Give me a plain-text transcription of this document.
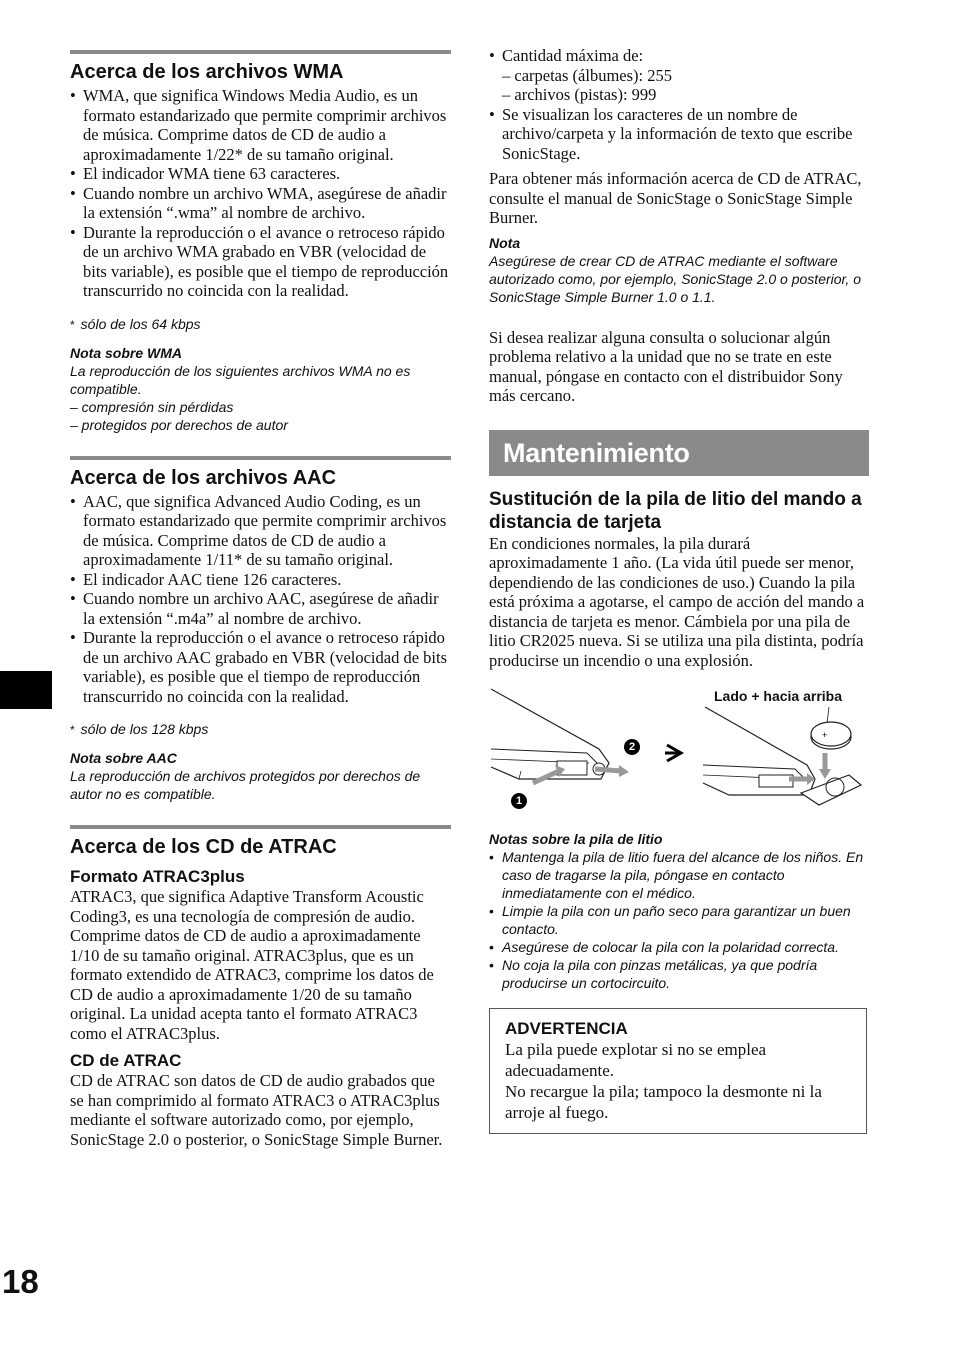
18
Acerca de los archivos WMA
• WMA, que significa Windows Media Audio, es un formato estandarizado que permite comprimir archivos de música. Comprime datos de CD de audio a aproximadamente 1/22* de su tamaño original.
• El indicador WMA tiene 63 caracteres.
• Cuando nombre un archivo WMA, asegúrese de añadir la extensión “.wma” al nombre de archivo.
• Durante la reproducción o el avance o retroceso rápido de un archivo WMA grabado en VBR (velocidad de bits variable), es posible que el tiempo de reproducción transcurrido no coincida con la realidad.
* sólo de los 64 kbps
Nota sobre WMA
La reproducción de los siguientes archivos WMA no es compatible.
– compresión sin pérdidas
– protegidos por derechos de autor
Acerca de los archivos AAC
• AAC, que significa Advanced Audio Coding, es un formato estandarizado que permite comprimir archivos de música. Comprime datos de CD de audio a aproximadamente 1/11* de su tamaño original.
• El indicador AAC tiene 126 caracteres.
• Cuando nombre un archivo AAC, asegúrese de añadir la extensión “.m4a” al nombre de archivo.
• Durante la reproducción o el avance o retroceso rápido de un archivo AAC grabado en VBR (velocidad de bits variable), es posible que el tiempo de reproducción transcurrido no coincida con la realidad.
* sólo de los 128 kbps
Nota sobre AAC
La reproducción de archivos protegidos por derechos de autor no es compatible.
Acerca de los CD de ATRAC
Formato ATRAC3plus

ATRAC3, que significa Adaptive Transform Acoustic Coding3, es una tecnología de compresión de audio. Comprime datos de CD de audio a aproximadamente 1/10 de su tamaño original. ATRAC3plus, que es un formato extendido de ATRAC3, comprime los datos de CD de audio a aproximadamente 1/20 de su tamaño original. La unidad acepta tanto el formato ATRAC3 como el ATRAC3plus.

CD de ATRAC

CD de ATRAC son datos de CD de audio grabados que se han comprimido al formato ATRAC3 o ATRAC3plus mediante el software autorizado como, por ejemplo, SonicStage 2.0 o posterior, o SonicStage Simple Burner.

• Cantidad máxima de:
– carpetas (álbumes): 255
– archivos (pistas): 999
• Se visualizan los caracteres de un nombre de archivo/carpeta y la información de texto que escribe SonicStage.

Para obtener más información acerca de CD de ATRAC, consulte el manual de SonicStage o SonicStage Simple Burner.

Nota
Asegúrese de crear CD de ATRAC mediante el software autorizado como, por ejemplo, SonicStage 2.0 o posterior, o SonicStage Simple Burner 1.0 o 1.1.

Si desea realizar alguna consulta o solucionar algún problema relativo a la unidad que no se trate en este manual, póngase en contacto con el distribuidor Sony más cercano.

Mantenimiento
Sustitución de la pila de litio del mando a distancia de tarjeta

En condiciones normales, la pila durará aproximadamente 1 año. (La vida útil puede ser menor, dependiendo de las condiciones de uso.) Cuando la pila está próxima a agotarse, el campo de acción del mando a distancia de tarjeta es menor. Cámbiela por una pila de litio CR2025 nueva. Si se utiliza una pila distinta, podría producirse un incendio o una explosión.

+
Lado + hacia arriba
2
1
Notas sobre la pila de litio
• Mantenga la pila de litio fuera del alcance de los niños. En caso de tragarse la pila, póngase en contacto inmediatamente con el médico.
• Limpie la pila con un paño seco para garantizar un buen contacto.
• Asegúrese de colocar la pila con la polaridad correcta.
• No coja la pila con pinzas metálicas, ya que podría producirse un cortocircuito.
ADVERTENCIA

La pila puede explotar si no se emplea adecuadamente.

No recargue la pila; tampoco la desmonte ni la arroje al fuego.
